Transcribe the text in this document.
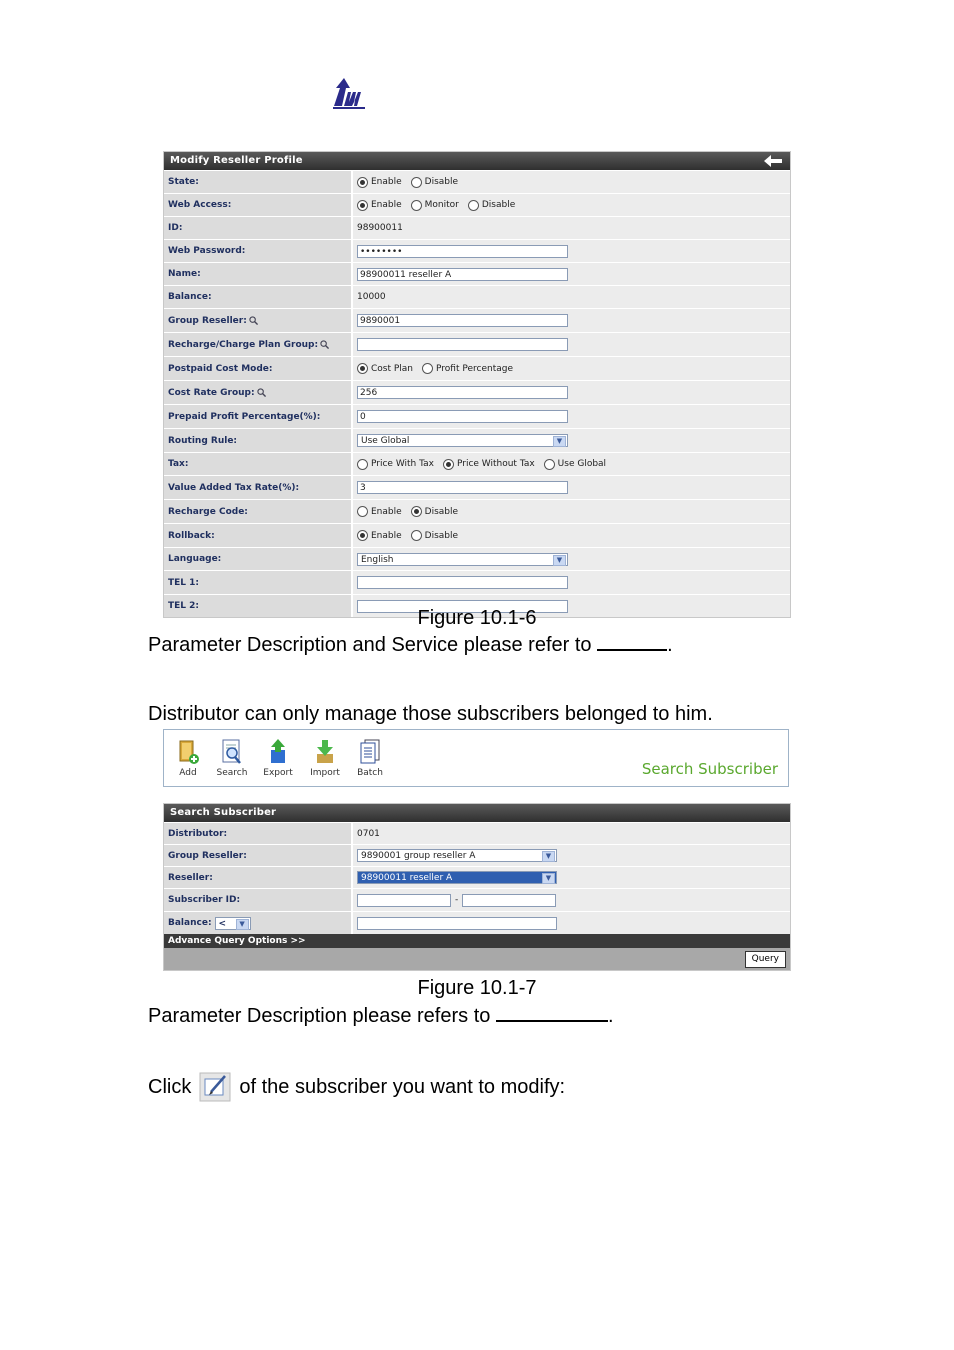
Modify Reseller Profile
State:	Enable	Disable
Web Access:	Enable	Monitor	Disable
ID:	98900011
Web Password:	••••••••
Name:	98900011 reseller A
Balance:	10000
Group Reseller:	9890001
Recharge/Charge Plan Group:
Postpaid Cost Mode:	Cost Plan	Profit Percentage
Cost Rate Group:	256
Prepaid Profit Percentage(%):	0
Routing Rule:	Use Global	▼
Tax:	Price With Tax	Price Without Tax	Use Global
Value Added Tax Rate(%):	3
Recharge Code:	Enable	Disable
Rollback:	Enable	Disable
Language:	English	▼
TEL 1:
TEL 2:
Figure 10.1-6
Parameter Description and Service please refer to	.
Distributor can only manage those subscribers belonged to him.
Add	Search	Export	Import	Batch	Search Subscriber
Search Subscriber
Distributor:	0701
Group Reseller:	9890001 group reseller A	▼
Reseller:	98900011 reseller A	▼
Subscriber ID:	-
Balance: <	▼
Advance Query Options >>
Query
Figure 10.1-7
Parameter Description please refers to	.
Click of the subscriber you want to modify:
